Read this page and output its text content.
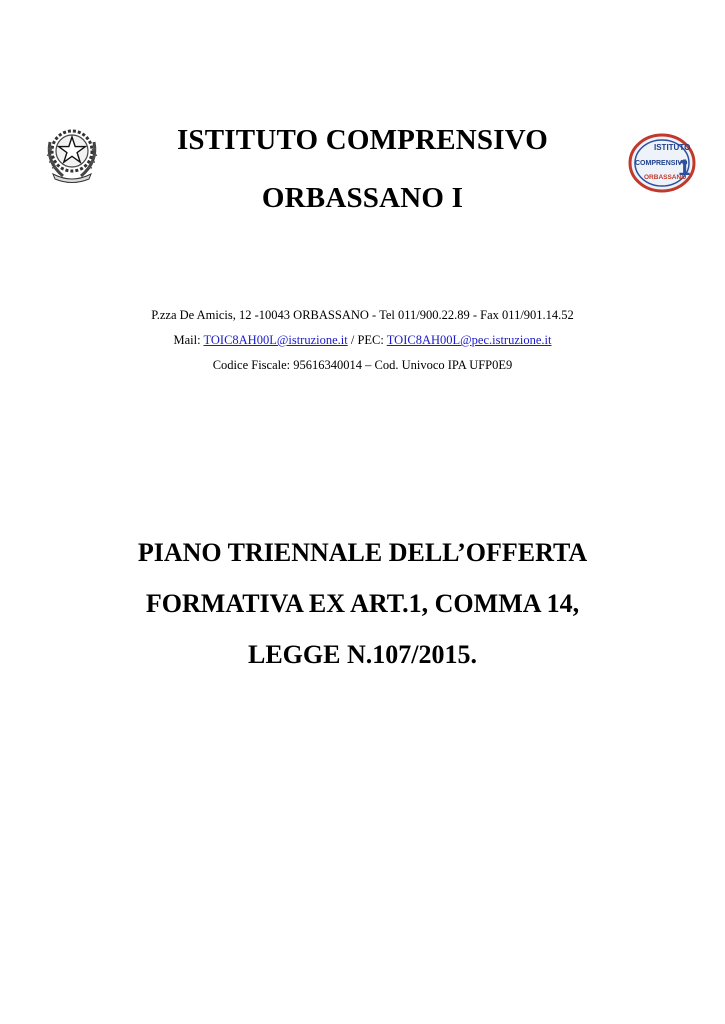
ISTITUTO
COMPRENSIVO
ORBASSANO
1
ISTITUTO COMPRENSIVO
ORBASSANO I
P.zza De Amicis, 12 -10043 ORBASSANO - Tel 011/900.22.89 - Fax 011/901.14.52
Mail: TOIC8AH00L@istruzione.it / PEC: TOIC8AH00L@pec.istruzione.it
Codice Fiscale: 95616340014 – Cod. Univoco IPA UFP0E9
PIANO TRIENNALE DELL’OFFERTA
FORMATIVA EX ART.1, COMMA 14,
LEGGE N.107/2015.
